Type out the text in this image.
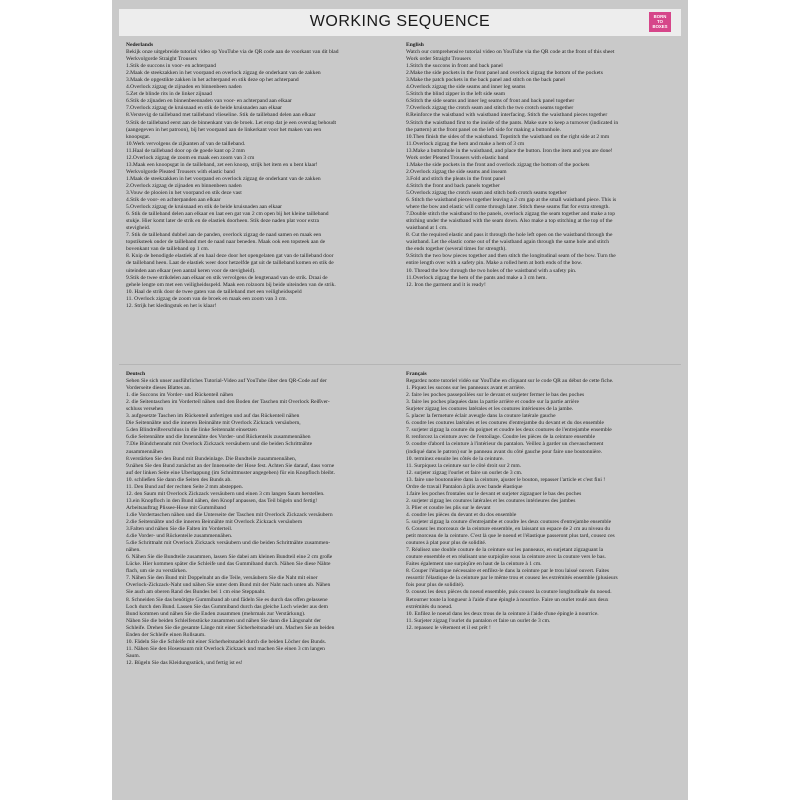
WORKING SEQUENCE	BORN
TO
BOXES
Nederlands
Bekijk onze uitgebreide tutorial video op YouTube via de QR code aan de voorkant van dit blad
Werkvolgorde Straight Trousers
1.Stik de succons in voor- en achterpand
2.Maak de steekzakken in het voorpand en overlock zigzag de onderkant van de zakken
3.Maak de opgestikte zakken in het achterpand en stik deze op het achterpand
4.Overlock zigzag de zijnaden en binnenbeen naden
5.Zet de blinde rits in de linker zijnaad
6.Stik de zijnaden en binnenbeennaden van voor- en achterpand aan elkaar
7.Overlock zigzag de kruisnaad en stik de beide kruisnaden aan elkaar
8.Verstevig de tailleband met tailleband vlieseline. Stik de tailleband delen aan elkaar
9.Stik de tailleband eerst aan de binnenkant van de broek. Let erop dat je een overslag behoudt
(aangegeven in het patroon), bij het voorpand aan de linkerkant voor het maken van een
knoopsgat.
10.Werk vervolgens de zijkanten af van de tailleband.
11.Haal de tailleband door op de goede kant op 2 mm
12.Overlock zigzag de zoom en maak een zoom van 3 cm
13.Maak een knoopsgat in de tailleband, zet een knoop, strijk het item en u bent klaar!
Werkvolgorde Pleated Trousers with elastic band
1.Maak de steekzakken in het voorpand en overlock zigzag de onderkant van de zakken
2.Overlock zigzag de zijnaden en binnenbeen naden
3.Vouw de plooien in het voorpand en stik deze vast
4.Stik de voor- en achterpanden aan elkaar
5.Overlock zigzag de kruisnaad en stik de beide kruisnaden aan elkaar
6. Stik de tailleband delen aan elkaar en laat een gat van 2 cm open bij het kleine tailleband
stukje. Hier komt later de strik en de elastiek doorheen. Stik deze naden plat voor extra
stevigheid.
7. Stik de tailleband dubbel aan de panden, overlock zigzag de naad samen en maak een
topstiksteek onder de tailleband met de naad naar beneden. Maak ook een topsteek aan de
bovenkant van de tailleband op 1 cm.
8. Knip de benodigde elastiek af en haal deze door het opengelaten gat van de tailleband door
de tailleband heen. Laat de elastiek weer door hetzelfde gat uit de tailleband komen en stik de
uiteinden aan elkaar (een aantal keren voor de stevigheid).
9.Stik de twee strikdelen aan elkaar en stik vervolgens de lengtenaad van de strik. Draai de
gehele lengte om met een veiligheidsspeld. Maak een rolzoom bij beide uiteinden van de strik.
10. Haal de strik door de twee gaten van de tailleband met een veiligheidsspeld
11. Overlock zigzag de zoom van de broek en maak een zoom van 3 cm.
12. Strijk het kledingstuk en het is klaar!
English
Watch our comprehensive tutorial video on YouTube via the QR code at the front of this sheet
Work order Straight Trousers
1.Stitch the succons in front and back panel
2.Make the side pockets in the front panel and overlock zigzag the bottom of the pockets
3.Make the patch pockets in the back panel and stitch on the back panel
4.Overlock zigzag the side seams and inner leg seams
5.Stitch the blind zipper in the left side seam
6.Stitch the side seams and inner leg seams of front and back panel together
7.Overlock zigzag the crotch seam and stitch the two crotch seams together
8.Reinforce the waistband with waistband interfacing. Stitch the waistband pieces together
9.Stitch the waistband first to the inside of the pants. Make sure to keep a turnover (indicated in
the pattern) at the front panel on the left side for making a buttonhole.
10.Then finish the sides of the waistband. Topstitch the waistband on the right side at 2 mm
11.Overlock zigzag the hem and make a hem of 3 cm
13.Make a buttonhole in the waistband, and place the button. Iron the item and you are done!
Work order Pleated Trousers with elastic band
1.Make the side pockets in the front and overlock zigzag the bottom of the pockets
2.Overlock zigzag the side seams and inseam
3.Fold and stitch the pleats in the front panel
4.Stitch the front and back panels together
5.Overlock zigzag the crotch seam and stitch both crotch seams together
6. Stitch the waistband pieces together leaving a 2 cm gap at the small waistband piece. This is
where the bow and elastic will come through later. Stitch these seams flat for extra strength.
7.Double stitch the waistband to the panels, overlock zigzag the seam together and make a top
stitching under the waistband with the seam down. Also make a top stitching at the top of the
waistband at 1 cm.
8. Cut the required elastic and pass it through the hole left open on the waistband through the
waistband. Let the elastic come out of the waistband again through the same hole and stitch
the ends together (several times for strength).
9.Stitch the two bow pieces together and then stitch the longitudinal seam of the bow. Turn the
entire length over with a safety pin. Make a rolled hem at both ends of the bow.
10. Thread the bow through the two holes of the waistband with a safety pin.
11.Overlock zigzag the hem of the pants and make a 3 cm hem.
12. Iron the garment and it is ready!
Deutsch
Sehen Sie sich unser ausführliches Tutorial-Video auf YouTube über den QR-Code auf der
Vorderseite dieses Blattes an.
1. die Succons im Vorder- und Rückenteil nähen
2. die Seitentaschen im Vorderteil nähen und den Boden der Taschen mit Overlock Reißver-
schluss versehen
3. aufgesetzte Taschen im Rückenteil anfertigen und auf das Rückenteil nähen
Die Seitennähte und die inneren Beinnähte mit Overlock Zickzack versäubern,
5.den Blindreißverschluss in die linke Seitennaht einsetzen
6.die Seitennähte und die Innennähte des Vorder- und Rückenteils zusammennähen
7.Die Bündchennaht mit Overlock Zickzack versäubern und die beiden Schrittnähte
zusammennähen
8.verstärken Sie den Bund mit Bundeinlage. Die Bundteile zusammennähen,
9.nähen Sie den Bund zunächst an der Innenseite der Hose fest. Achten Sie darauf, dass vorne
auf der linken Seite eine Überlappung (im Schnittmuster angegeben) für ein Knopfloch bleibt.
10. schließen Sie dann die Seiten des Bunds ab.
11. Den Bund auf der rechten Seite 2 mm absteppen.
12. den Saum mit Overlock Zickzack versäubern und einen 3 cm langen Saum herstellen.
13.ein Knopfloch in den Bund nähen, den Knopf anpassen, das Teil bügeln und fertig!
Arbeitsauftrag Plissee-Hose mit Gummiband
1.die Vordertaschen nähen und die Unterseite der Taschen mit Overlock Zickzack versäubern
2.die Seitennähte und die inneren Beinnähte mit Overlock Zickzack versäubern
3.Falten und nähen Sie die Falten im Vorderteil.
4.die Vorder- und Rückenteile zusammennähen.
5.die Schrittnaht mit Overlock Zickzack versäubern und die beiden Schrittnähte zusammen-
nähen.
6. Nähen Sie die Bundteile zusammen, lassen Sie dabei am kleinen Bundteil eine 2 cm große
Lücke. Hier kommen später die Schleife und das Gummiband durch. Nähen Sie diese Nähte
flach, um sie zu verstärken.
7. Nähen Sie den Bund mit Doppelnaht an die Teile, versäubern Sie die Naht mit einer
Overlock-Zickzack-Naht und nähen Sie unter dem Bund mit der Naht nach unten ab. Nähen
Sie auch am oberen Rand des Bundes bei 1 cm eine Steppnaht.
8. Schneiden Sie das benötigte Gummiband ab und fädeln Sie es durch das offen gelassene
Loch durch den Bund. Lassen Sie das Gummiband durch das gleiche Loch wieder aus dem
Bund kommen und nähen Sie die Enden zusammen (mehrmals zur Verstärkung).
Nähen Sie die beiden Schleifenstücke zusammen und nähen Sie dann die Längsnaht der
Schleife. Drehen Sie die gesamte Länge mit einer Sicherheitsnadel um. Machen Sie an beiden
Enden der Schleife einen Rollsaum.
10. Fädeln Sie die Schleife mit einer Sicherheitsnadel durch die beiden Löcher des Bunds.
11. Nähen Sie den Hosensaum mit Overlock Zickzack und machen Sie einen 3 cm langen
Saum.
12. Bügeln Sie das Kleidungsstück, und fertig ist es!
Français
Regardez notre tutoriel vidéo sur YouTube en cliquant sur le code QR au début de cette fiche.
1. Piquez les sucons sur les panneaux avant et arrière.
2. faire les poches passepoilées sur le devant et surjeter fermer le bas des poches
3. faire les poches plaquées dans la partie arrière et coudre sur la partie arrière
Surjeter zigzag les coutures latérales et les coutures intérieures de la jambe.
5. placer la fermeture éclair aveugle dans la couture latérale gauche
6. coudre les coutures latérales et les coutures d'entrejambe du devant et du dos ensemble
7. surjeter zigzag la couture du poignet et coudre les deux coutures de l'entrejambe ensemble
8. renforcez la ceinture avec de l'entoilage. Coudre les pièces de la ceinture ensemble
9. coudre d'abord la ceinture à l'intérieur du pantalon. Veillez à garder un chevauchement
(indiqué dans le patron) sur le panneau avant du côté gauche pour faire une boutonnière.
10. terminez ensuite les côtés de la ceinture.
11. Surpiquez la ceinture sur le côté droit sur 2 mm.
12. surjeter zigzag l'ourlet et faire un ourlet de 3 cm.
13. faire une boutonnière dans la ceinture, ajuster le bouton, repasser l'article et c'est fini !
Ordre de travail Pantalon à plis avec bande élastique
1.faire les poches frontales sur le devant et surjeter zigzaguer le bas des poches
2. surjeter zigzag les coutures latérales et les coutures intérieures des jambes
3. Plier et coudre les plis sur le devant
4. coudre les pièces du devant et du dos ensemble
5. surjeter zigzag la couture d'entrejambe et coudre les deux coutures d'entrejambe ensemble
6. Cousez les morceaux de la ceinture ensemble, en laissant un espace de 2 cm au niveau du
petit morceau de la ceinture. C'est là que le noeud et l'élastique passeront plus tard, cousez ces
coutures à plat pour plus de solidité.
7. Réalisez une double couture de la ceinture sur les panneaux, en surjetant zigzaguant la
couture ensemble et en réalisant une surpiqûre sous la ceinture avec la couture vers le bas.
Faites également une surpiqûre en haut de la ceinture à 1 cm.
8. Couper l'élastique nécessaire et enfilez-le dans la ceinture par le trou laissé ouvert. Faites
ressortir l'élastique de la ceinture par le même trou et cousez les extrémités ensemble (plusieurs
fois pour plus de solidité).
9. cousez les deux pièces du noeud ensemble, puis cousez la couture longitudinale du noeud.
Retourner toute la longueur à l'aide d'une épingle à nourrice. Faire un ourlet roulé aux deux
extrémités du noeud.
10. Enfilez le noeud dans les deux trous de la ceinture à l'aide d'une épingle à nourrice.
11. Surjeter zigzag l'ourlet du pantalon et faire un ourlet de 3 cm.
12. repassez le vêtement et il est prêt !
